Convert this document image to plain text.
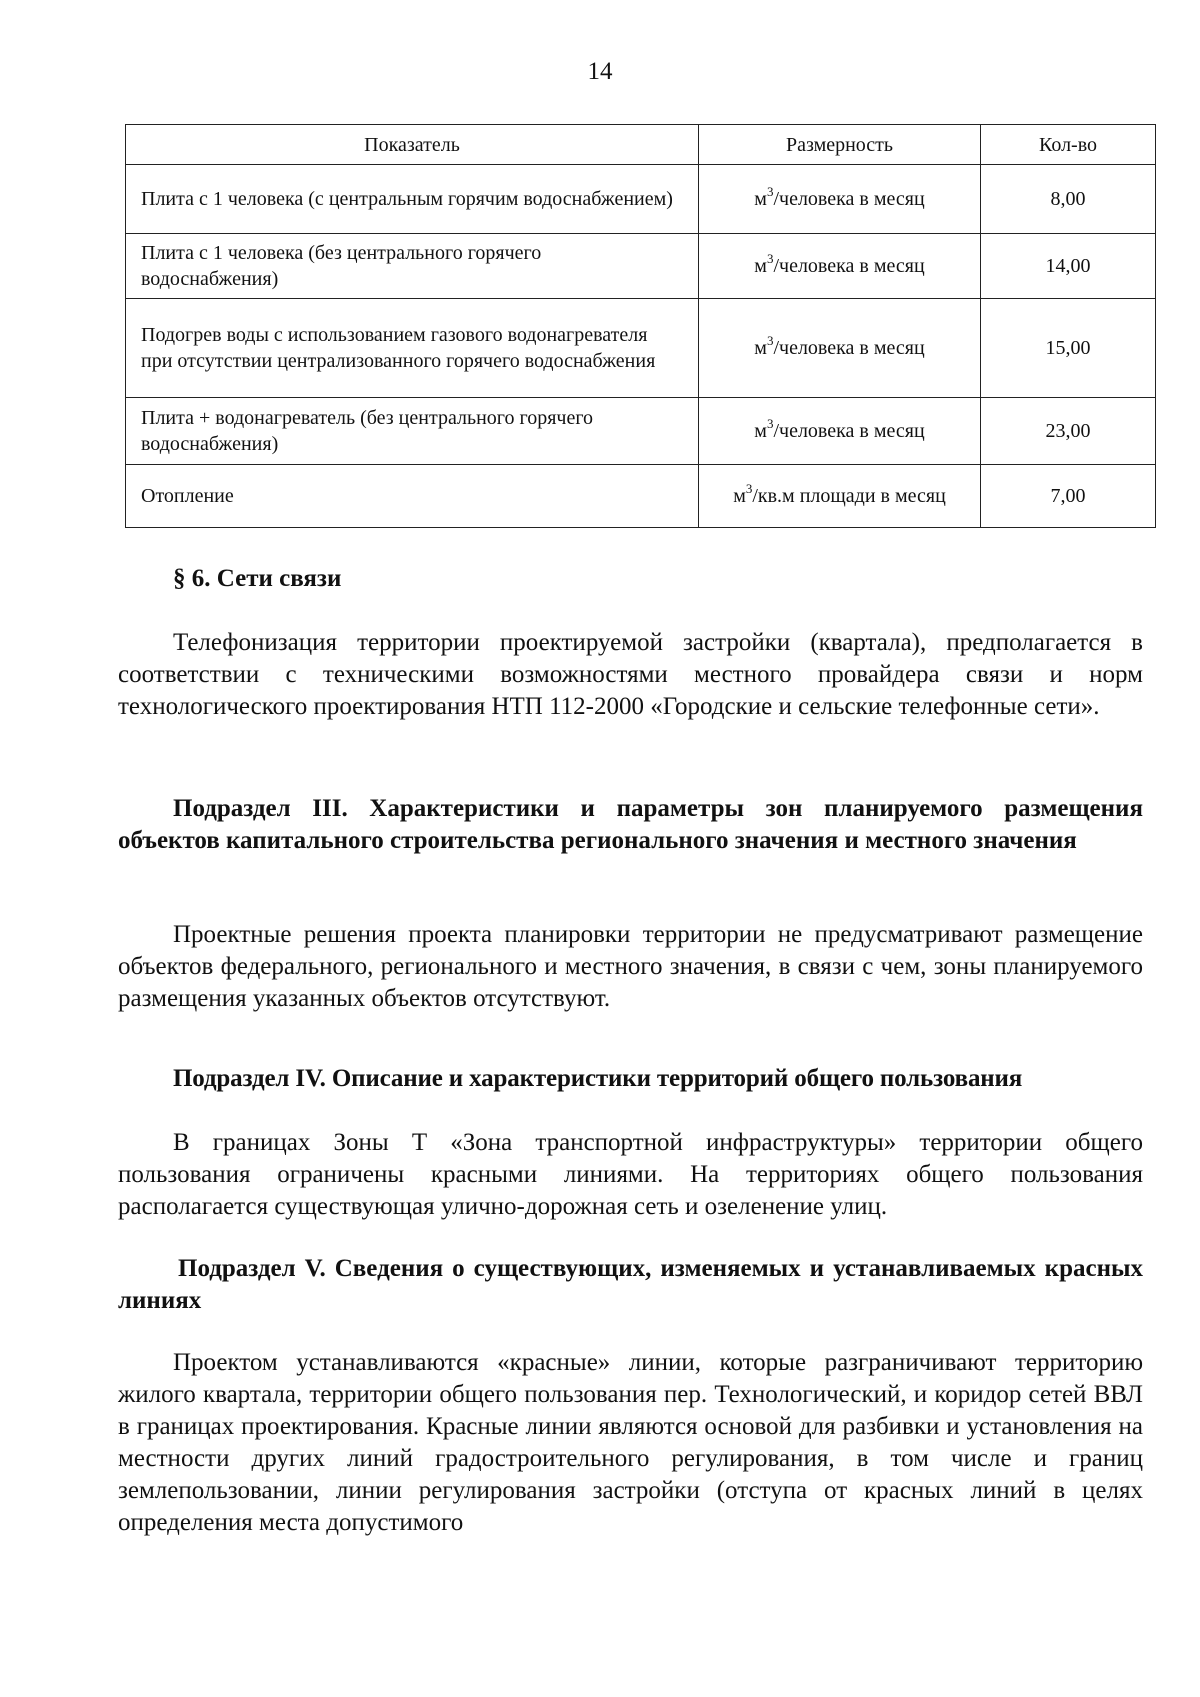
14
Показатель	Размерность	Кол-во
Плита с 1 человека (с центральным горячим водоснабжением)	$м^3$/человека в месяц	8,00
Плита с 1 человека (без центрального горячего водоснабжения)	$м^3$/человека в месяц	14,00
Подогрев воды с использованием газового водонагревателя при отсутствии централизованного горячего водоснабжения	$м^3$/человека в месяц	15,00
Плита + водонагреватель (без центрального горячего водоснабжения)	$м^3$/человека в месяц	23,00
Отопление	$м^3/кв.м$ площади в месяц	7,00
§ 6. Сети связи

Телефонизация территории проектируемой застройки (квартала), предполагается в соответствии с техническими возможностями местного провайдера связи и норм технологического проектирования НТП 112-2000 «Городские и сельские телефонные сети».

Подраздел III. Характеристики и параметры зон планируемого размещения объектов капитального строительства регионального значения и местного значения

Проектные решения проекта планировки территории не предусматривают размещение объектов федерального, регионального и местного значения, в связи с чем, зоны планируемого размещения указанных объектов отсутствуют.

Подраздел IV. Описание и характеристики территорий общего пользования

В границах Зоны Т «Зона транспортной инфраструктуры» территории общего пользования ограничены красными линиями. На территориях общего пользования располагается существующая улично-дорожная сеть и озеленение улиц.

Подраздел V. Сведения о существующих, изменяемых и устанавливаемых красных линиях

Проектом устанавливаются «красные» линии, которые разграничивают территорию жилого квартала, территории общего пользования пер. Технологический, и коридор сетей ВВЛ в границах проектирования. Красные линии являются основой для разбивки и установления на местности других линий градостроительного регулирования, в том числе и границ землепользовании, линии регулирования застройки (отступа от красных линий в целях определения места допустимого
